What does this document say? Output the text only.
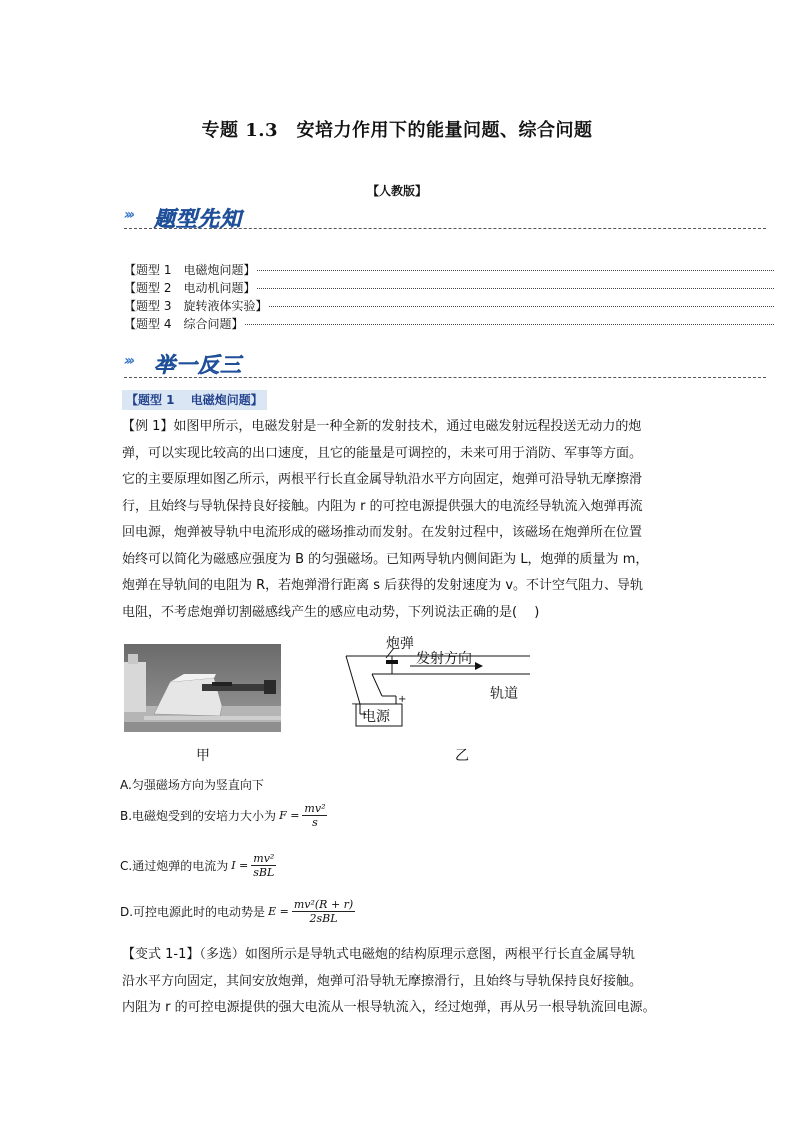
专题 1.3　安培力作用下的能量问题、综合问题
【人教版】
››› 题型先知
【题型 1　电磁炮问题】
【题型 2　电动机问题】
【题型 3　旋转液体实验】
【题型 4　综合问题】
››› 举一反三
【题型 1　 电磁炮问题】
【例 1】如图甲所示，电磁发射是一种全新的发射技术，通过电磁发射远程投送无动力的炮
弹，可以实现比较高的出口速度，且它的能量是可调控的，未来可用于消防、军事等方面。
它的主要原理如图乙所示，两根平行长直金属导轨沿水平方向固定，炮弹可沿导轨无摩擦滑
行，且始终与导轨保持良好接触。内阻为 r 的可控电源提供强大的电流经导轨流入炮弹再流
回电源，炮弹被导轨中电流形成的磁场推动而发射。在发射过程中，该磁场在炮弹所在位置
始终可以简化为磁感应强度为 B 的匀强磁场。已知两导轨内侧间距为 L，炮弹的质量为 m，
炮弹在导轨间的电阻为 R，若炮弹滑行距离 s 后获得的发射速度为 v。不计空气阻力、导轨
电阻，不考虑炮弹切割磁感线产生的感应电动势，下列说法正确的是(　 )
甲
炮弹
发射方向
轨道
电源
−	+
乙
A.匀强磁场方向为竖直向下
B.电磁炮受到的安培力大小为 $F = \frac{\text{mv²}}{s}$
C.通过炮弹的电流为 $I = \frac{\text{mv²}}{\text{sBL}}$
D.可控电源此时的电动势是 $E = \frac{\text{mv²(R + r)}}{\text{2sBL}}$
【变式 1-1】（多选）如图所示是导轨式电磁炮的结构原理示意图，两根平行长直金属导轨
沿水平方向固定，其间安放炮弹，炮弹可沿导轨无摩擦滑行，且始终与导轨保持良好接触。
内阻为 r 的可控电源提供的强大电流从一根导轨流入，经过炮弹，再从另一根导轨流回电源。
